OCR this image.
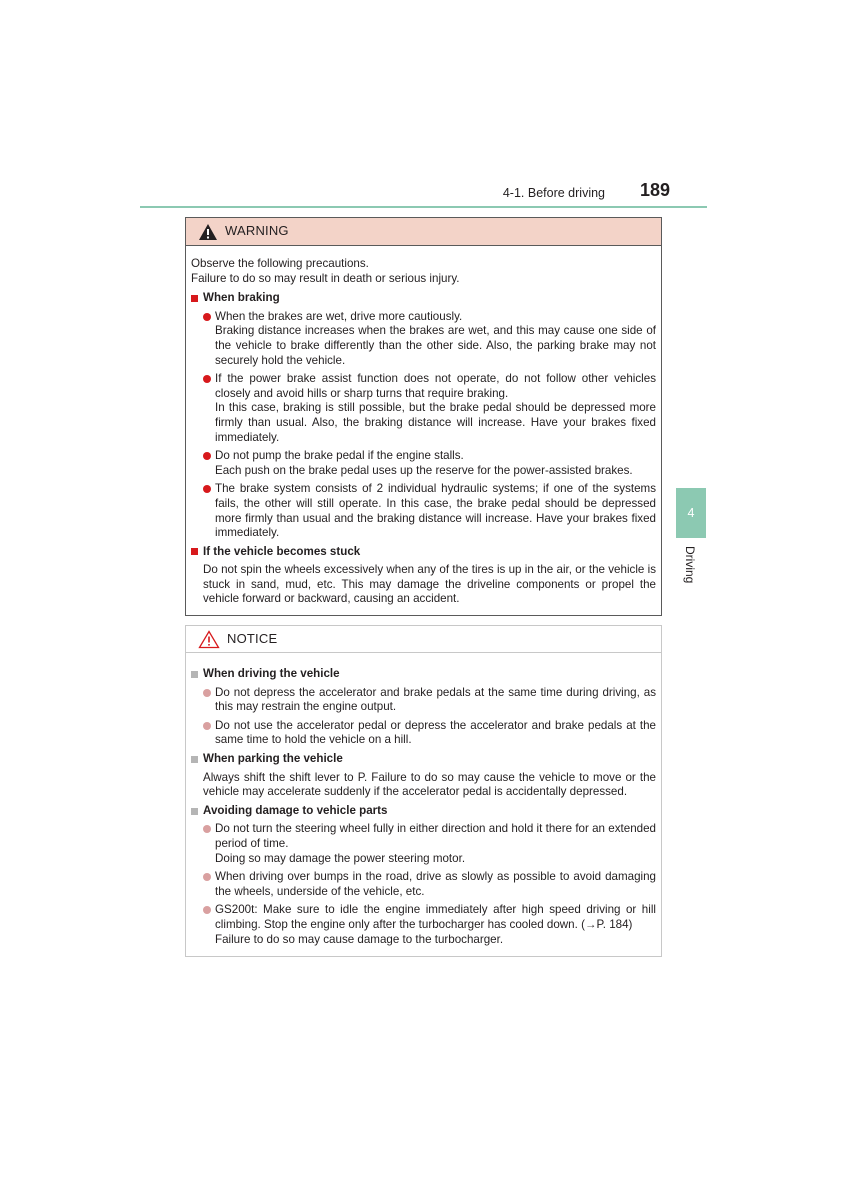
4-1. Before driving 189
4
Driving
WARNING
Observe the following precautions.
Failure to do so may result in death or serious injury.
When braking
When the brakes are wet, drive more cautiously.
Braking distance increases when the brakes are wet, and this may cause one side of the vehicle to brake differently than the other side. Also, the parking brake may not securely hold the vehicle.
If the power brake assist function does not operate, do not follow other vehicles closely and avoid hills or sharp turns that require braking.
In this case, braking is still possible, but the brake pedal should be depressed more firmly than usual. Also, the braking distance will increase. Have your brakes fixed immediately.
Do not pump the brake pedal if the engine stalls.
Each push on the brake pedal uses up the reserve for the power-assisted brakes.
The brake system consists of 2 individual hydraulic systems; if one of the systems fails, the other will still operate. In this case, the brake pedal should be depressed more firmly than usual and the braking distance will increase. Have your brakes fixed immediately.
If the vehicle becomes stuck
Do not spin the wheels excessively when any of the tires is up in the air, or the vehicle is stuck in sand, mud, etc. This may damage the driveline components or propel the vehicle forward or backward, causing an accident.
NOTICE
When driving the vehicle
Do not depress the accelerator and brake pedals at the same time during driving, as this may restrain the engine output.
Do not use the accelerator pedal or depress the accelerator and brake pedals at the same time to hold the vehicle on a hill.
When parking the vehicle
Always shift the shift lever to P. Failure to do so may cause the vehicle to move or the vehicle may accelerate suddenly if the accelerator pedal is accidentally depressed.
Avoiding damage to vehicle parts
Do not turn the steering wheel fully in either direction and hold it there for an extended period of time.
Doing so may damage the power steering motor.
When driving over bumps in the road, drive as slowly as possible to avoid damaging the wheels, underside of the vehicle, etc.
GS200t: Make sure to idle the engine immediately after high speed driving or hill climbing. Stop the engine only after the turbocharger has cooled down. (→P. 184)
Failure to do so may cause damage to the turbocharger.
